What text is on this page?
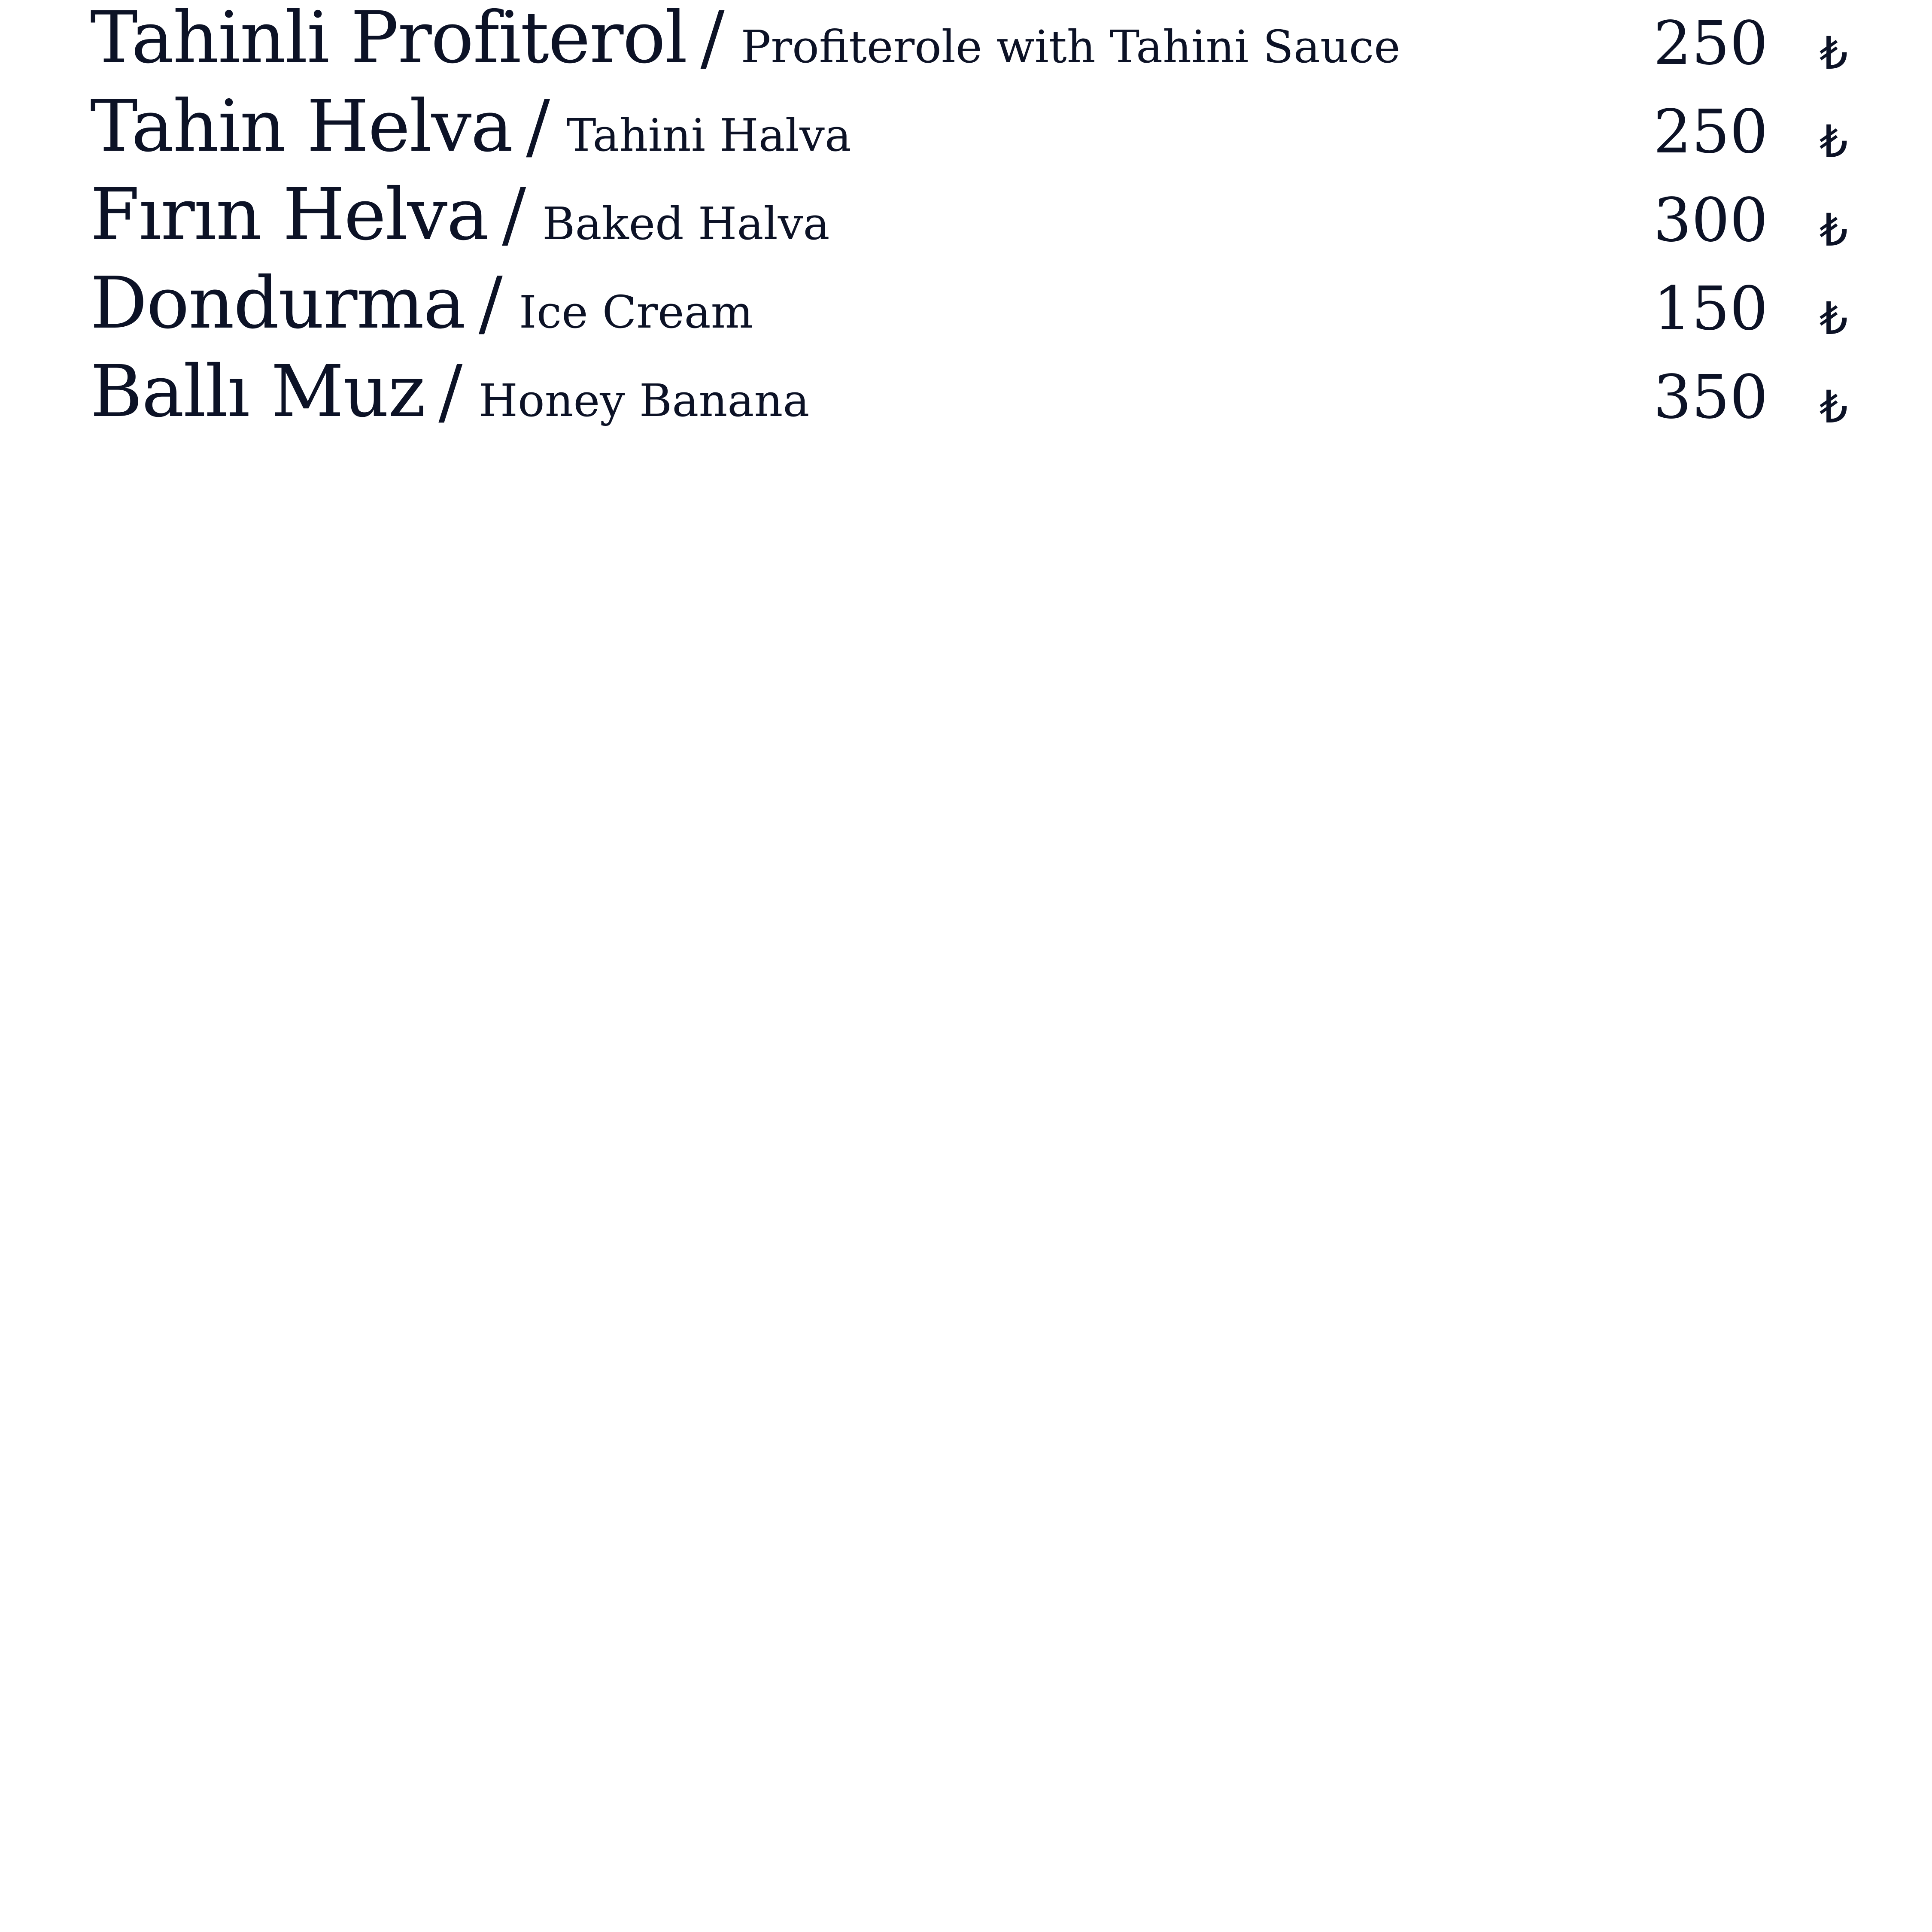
Tahinli Profiterol / Profiterole with Tahini Sauce	250 ₺
Tahin Helva / Tahini Halva	250 ₺
Fırın Helva / Baked Halva	300 ₺
Dondurma / Ice Cream	150 ₺
Ballı Muz / Honey Banana	350 ₺
